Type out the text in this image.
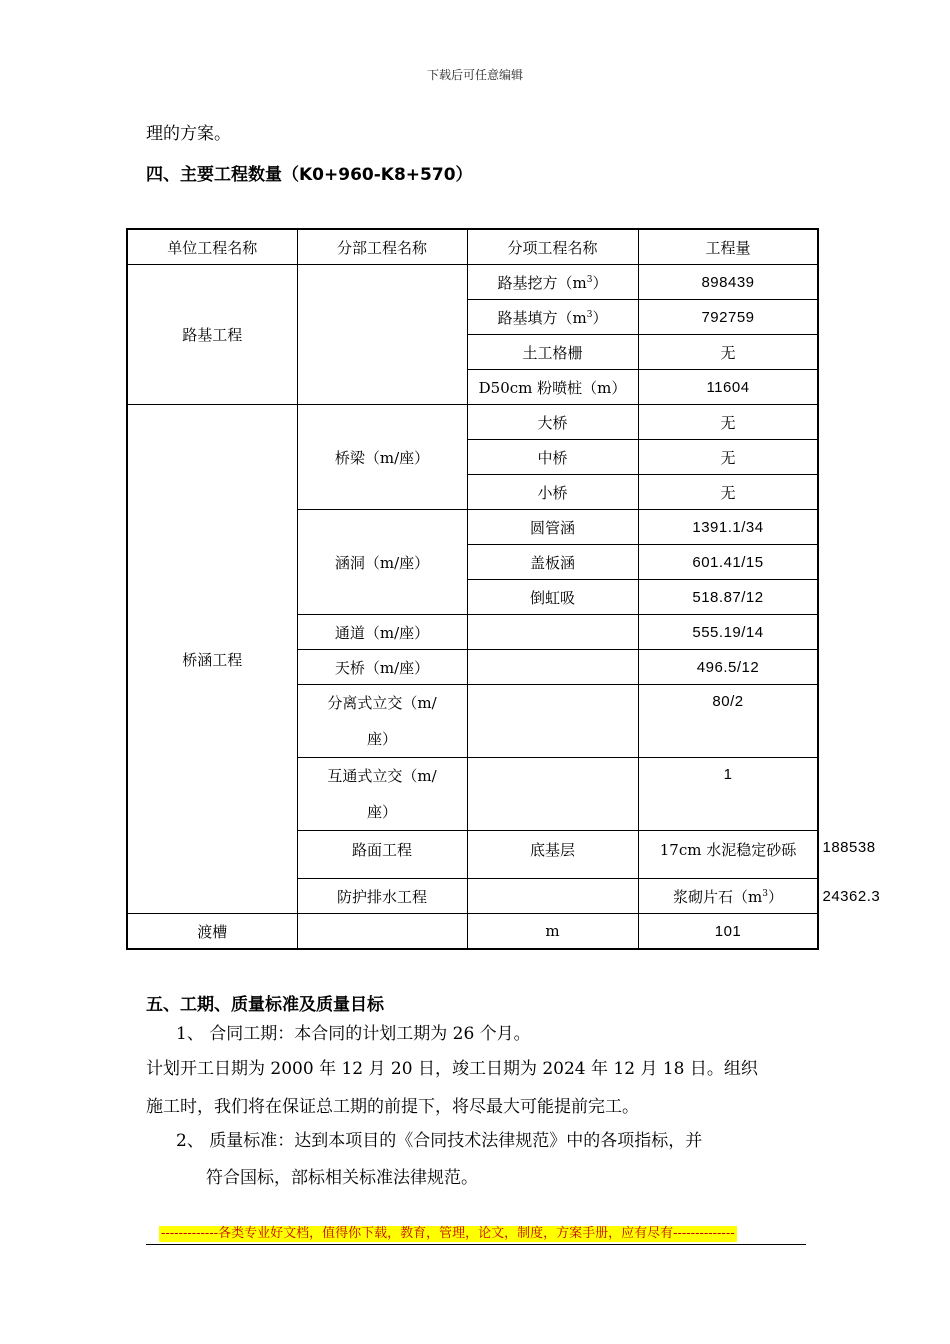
下载后可任意编辑
理的方案。
四、主要工程数量（K0+960-K8+570）
单位工程名称	分部工程名称	分项工程名称	工程量	
路基工程		路基挖方$(m^3)$	898439	
		路基填方$(m^3)$	792759	
		土工格栅	无	
		D50cm 粉喷桩（m）	11604	
桥涵工程	桥梁（m/座）	大桥	无	
		中桥	无	
		小桥	无	
	涵洞（m/座）	圆管涵	1391.1/34	
		盖板涵	601.41/15	
		倒虹吸	518.87/12	
	通道（m/座）		555.19/14	
	天桥（m/座）		496.5/12	
	分离式立交（m/
座）		80/2	
	互通式立交（m/
座）		1	
	路面工程	底基层	17cm 水泥稳定砂砾	188538
	防护排水工程		浆砌片石$(m^3)$	24362.3
渡槽		m	101	
五、工期、质量标准及质量目标
1、 合同工期：本合同的计划工期为 26 个月。
计划开工日期为 2000 年 12 月 20 日，竣工日期为 2024 年 12 月 18 日。组织
施工时，我们将在保证总工期的前提下，将尽最大可能提前完工。
2、 质量标准：达到本项目的《合同技术法律规范》中的各项指标，并
符合国标，部标相关标准法律规范。
-------------各类专业好文档，值得你下载，教育，管理，论文，制度，方案手册，应有尽有--------------
